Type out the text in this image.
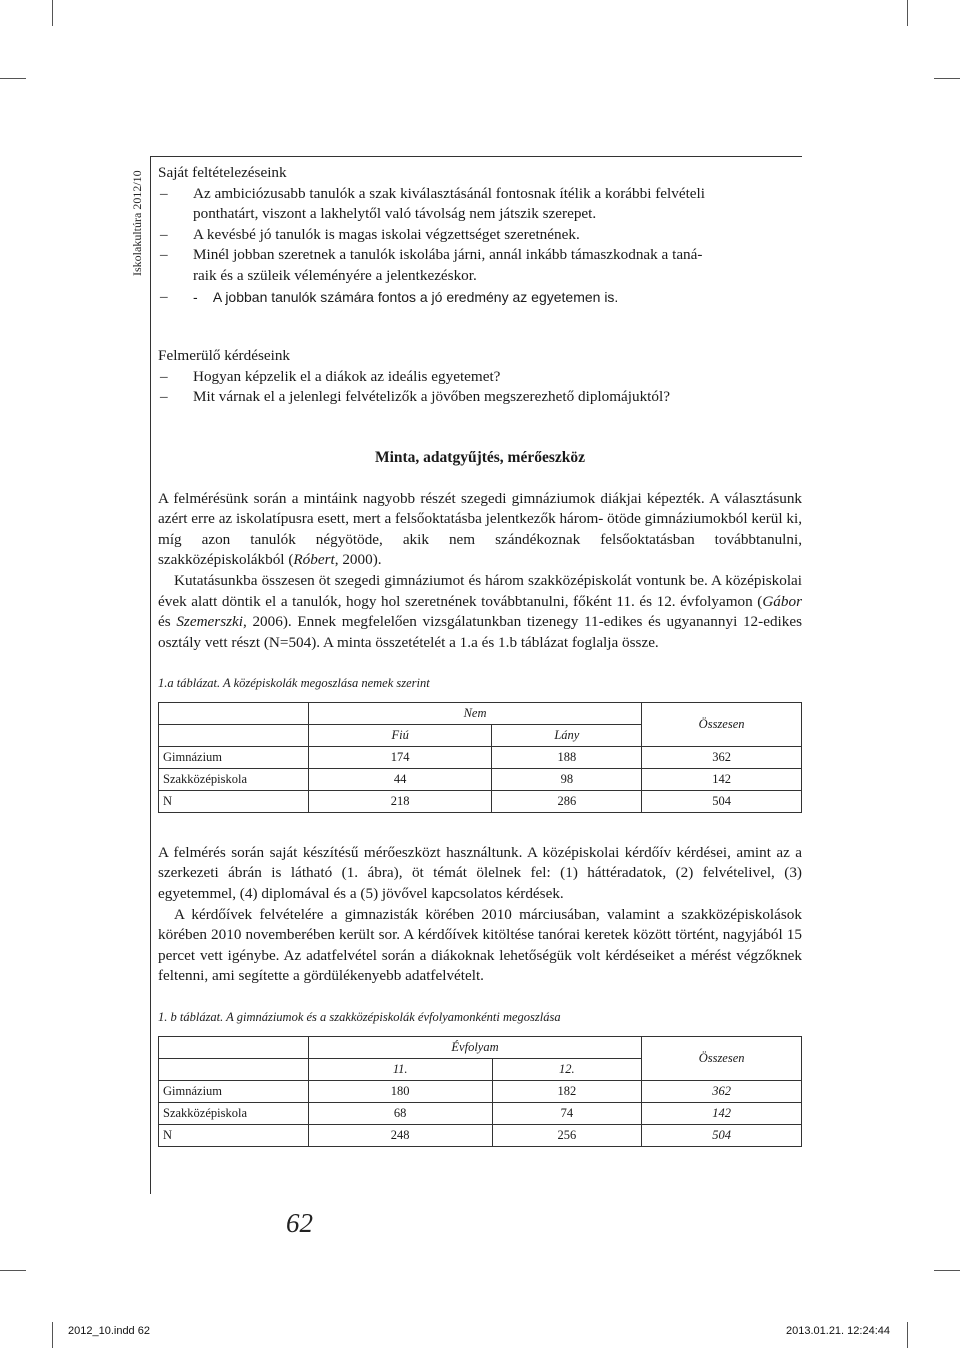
Iskolakultúra 2012/10 Saját feltételezéseink
– Az ambiciózusabb tanulók a szak kiválasztásánál fontosnak ítélik a korábbi felvételi
ponthatárt, viszont a lakhelytől való távolság nem játszik szerepet.
– A kevésbé jó tanulók is magas iskolai végzettséget szeretnének.
– Minél jobban szeretnek a tanulók iskolába járni, annál inkább támaszkodnak a taná-
raik és a szüleik véleményére a jelentkezéskor.
– - A jobban tanulók számára fontos a jó eredmény az egyetemen is.
Felmerülő kérdéseink
– Hogyan képzelik el a diákok az ideális egyetemet?
– Mit várnak el a jelenlegi felvételizők a jövőben megszerezhető diplomájuktól?
Minta, adatgyűjtés, mérőeszköz

A felmérésünk során a mintáink nagyobb részét szegedi gimnáziumok diákjai képezték. A választásunk azért erre az iskolatípusra esett, mert a felsőoktatásba jelentkezők három- ötöde gimnáziumokból kerül ki, míg azon tanulók négyötöde, akik nem szándékoznak felsőoktatásban továbbtanulni, szakközépiskolákból (Róbert, 2000).

Kutatásunkba összesen öt szegedi gimnáziumot és három szakközépiskolát vontunk be. A középiskolai évek alatt döntik el a tanulók, hogy hol szeretnének továbbtanulni, főként 11. és 12. évfolyamon (Gábor és Szemerszki, 2006). Ennek megfelelően vizsgálatunkban tizenegy 11-edikes és ugyanannyi 12-edikes osztály vett részt (N=504). A minta összetételét a 1.a és 1.b táblázat foglalja össze.

1.a táblázat. A középiskolák megoszlása nemek szerint
	Nem		Összesen
	Fiú	Lány	
Gimnázium	174	188	362
Szakközépiskola	44	98	142
N	218	286	504

A felmérés során saját készítésű mérőeszközt használtunk. A középiskolai kérdőív kérdései, amint az a szerkezeti ábrán is látható (1. ábra), öt témát ölelnek fel: (1) háttéradatok, (2) felvételivel, (3) egyetemmel, (4) diplomával és a (5) jövővel kapcsolatos kérdések.

A kérdőívek felvételére a gimnazisták körében 2010 márciusában, valamint a szakközépiskolások körében 2010 novemberében került sor. A kérdőívek kitöltése tanórai keretek között történt, nagyjából 15 percet vett igénybe. Az adatfelvétel során a diákoknak lehetőségük volt kérdéseiket a mérést végzőknek feltenni, ami segítette a gördülékenyebb adatfelvételt.

1. b táblázat. A gimnáziumok és a szakközépiskolák évfolyamonkénti megoszlása
	Évfolyam		Összesen
	11.	12.	
Gimnázium	180	182	362
Szakközépiskola	68	74	142
N	248	256	504
62
2012_10.indd 62	2013.01.21. 12:24:44
